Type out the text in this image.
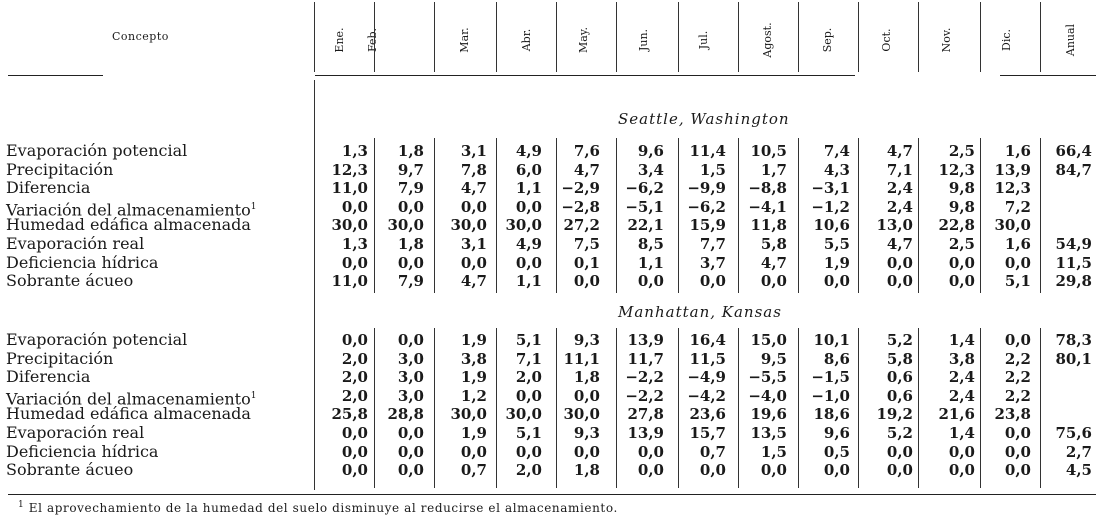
Concepto	Ene. Feb.	Mar.	Abr.	May.	Jun.	Jul.	Agost.	Sep.	Oct.	Nov.	Dic.	Anual
Seattle, Washington
Evaporación potencial	1,3	1,8	3,1	4,9	7,6	9,6	11,4	10,5	7,4	4,7	2,5	1,6	66,4
Precipitación	12,3	9,7	7,8	6,0	4,7	3,4	1,5	1,7	4,3	7,1	12,3	13,9	84,7
Diferencia	11,0	7,9	4,7	1,1	−2,9	−6,2	−9,9	−8,8	−3,1	2,4	9,8	12,3
Variación del almacenamiento$^1$	0,0	0,0	0,0	0,0	−2,8	−5,1	−6,2	−4,1	−1,2	2,4	9,8	7,2
Humedad edáfica almacenada	30,0	30,0	30,0	30,0	27,2	22,1	15,9	11,8	10,6	13,0	22,8	30,0
Evaporación real	1,3	1,8	3,1	4,9	7,5	8,5	7,7	5,8	5,5	4,7	2,5	1,6	54,9
Deficiencia hídrica	0,0	0,0	0,0	0,0	0,1	1,1	3,7	4,7	1,9	0,0	0,0	0,0	11,5
Sobrante ácueo	11,0	7,9	4,7	1,1	0,0	0,0	0,0	0,0	0,0	0,0	0,0	5,1	29,8
Manhattan, Kansas
Evaporación potencial	0,0	0,0	1,9	5,1	9,3	13,9	16,4	15,0	10,1	5,2	1,4	0,0	78,3
Precipitación	2,0	3,0	3,8	7,1	11,1	11,7	11,5	9,5	8,6	5,8	3,8	2,2	80,1
Diferencia	2,0	3,0	1,9	2,0	1,8	−2,2	−4,9	−5,5	−1,5	0,6	2,4	2,2
Variación del almacenamiento$^1$	2,0	3,0	1,2	0,0	0,0	−2,2	−4,2	−4,0	−1,0	0,6	2,4	2,2
Humedad edáfica almacenada	25,8	28,8	30,0	30,0	30,0	27,8	23,6	19,6	18,6	19,2	21,6	23,8
Evaporación real	0,0	0,0	1,9	5,1	9,3	13,9	15,7	13,5	9,6	5,2	1,4	0,0	75,6
Deficiencia hídrica	0,0	0,0	0,0	0,0	0,0	0,0	0,7	1,5	0,5	0,0	0,0	0,0	2,7
Sobrante ácueo	0,0	0,0	0,7	2,0	1,8	0,0	0,0	0,0	0,0	0,0	0,0	0,0	4,5
$^1$ El aprovechamiento de la humedad del suelo disminuye al reducirse el almacenamiento.
